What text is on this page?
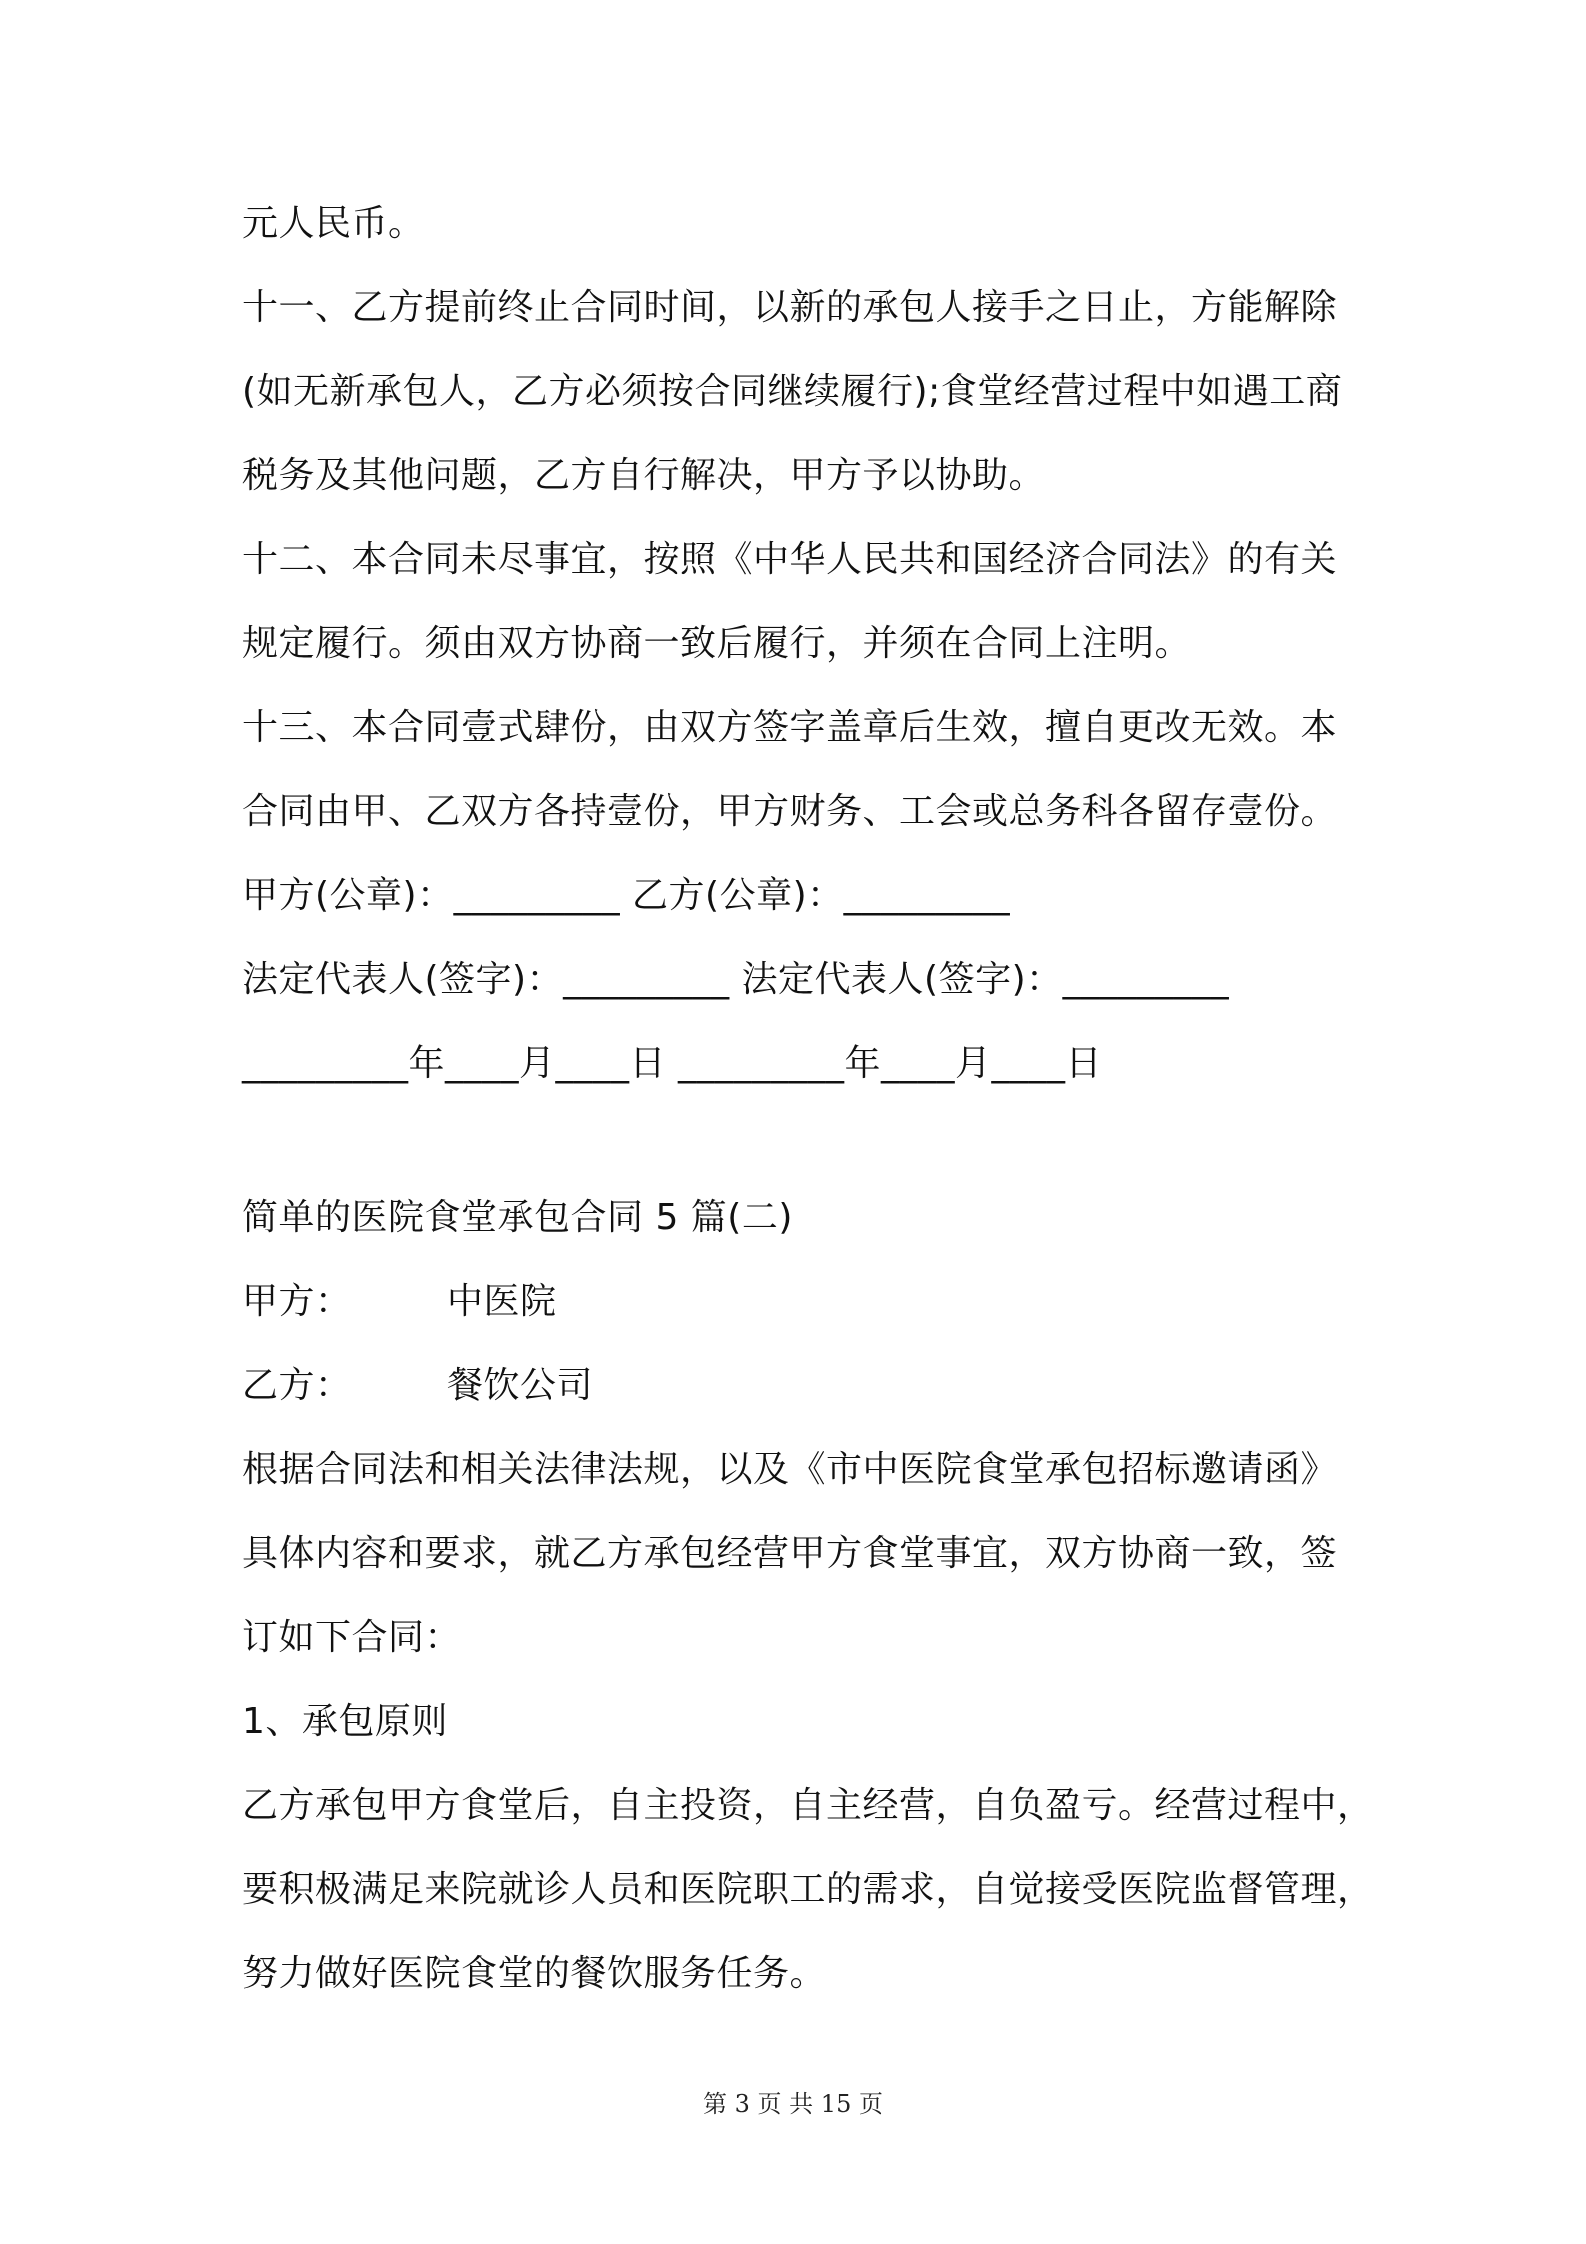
元人民币。
十一、乙方提前终止合同时间，以新的承包人接手之日止，方能解除
(如无新承包人，乙方必须按合同继续履行);食堂经营过程中如遇工商
税务及其他问题，乙方自行解决，甲方予以协助。
十二、本合同未尽事宜，按照《中华人民共和国经济合同法》的有关
规定履行。须由双方协商一致后履行，并须在合同上注明。
十三、本合同壹式肆份，由双方签字盖章后生效，擅自更改无效。本
合同由甲、乙双方各持壹份，甲方财务、工会或总务科各留存壹份。
甲方(公章)：_________ 乙方(公章)：_________
法定代表人(签字)：_________ 法定代表人(签字)：_________
_________年____月____日 _________年____月____日
简单的医院食堂承包合同 5 篇(二)
甲方：	中医院
乙方：	餐饮公司
根据合同法和相关法律法规，以及《市中医院食堂承包招标邀请函》
具体内容和要求，就乙方承包经营甲方食堂事宜，双方协商一致，签
订如下合同：
1、承包原则
乙方承包甲方食堂后，自主投资，自主经营，自负盈亏。经营过程中，
要积极满足来院就诊人员和医院职工的需求，自觉接受医院监督管理，
努力做好医院食堂的餐饮服务任务。
第 3 页 共 15 页
